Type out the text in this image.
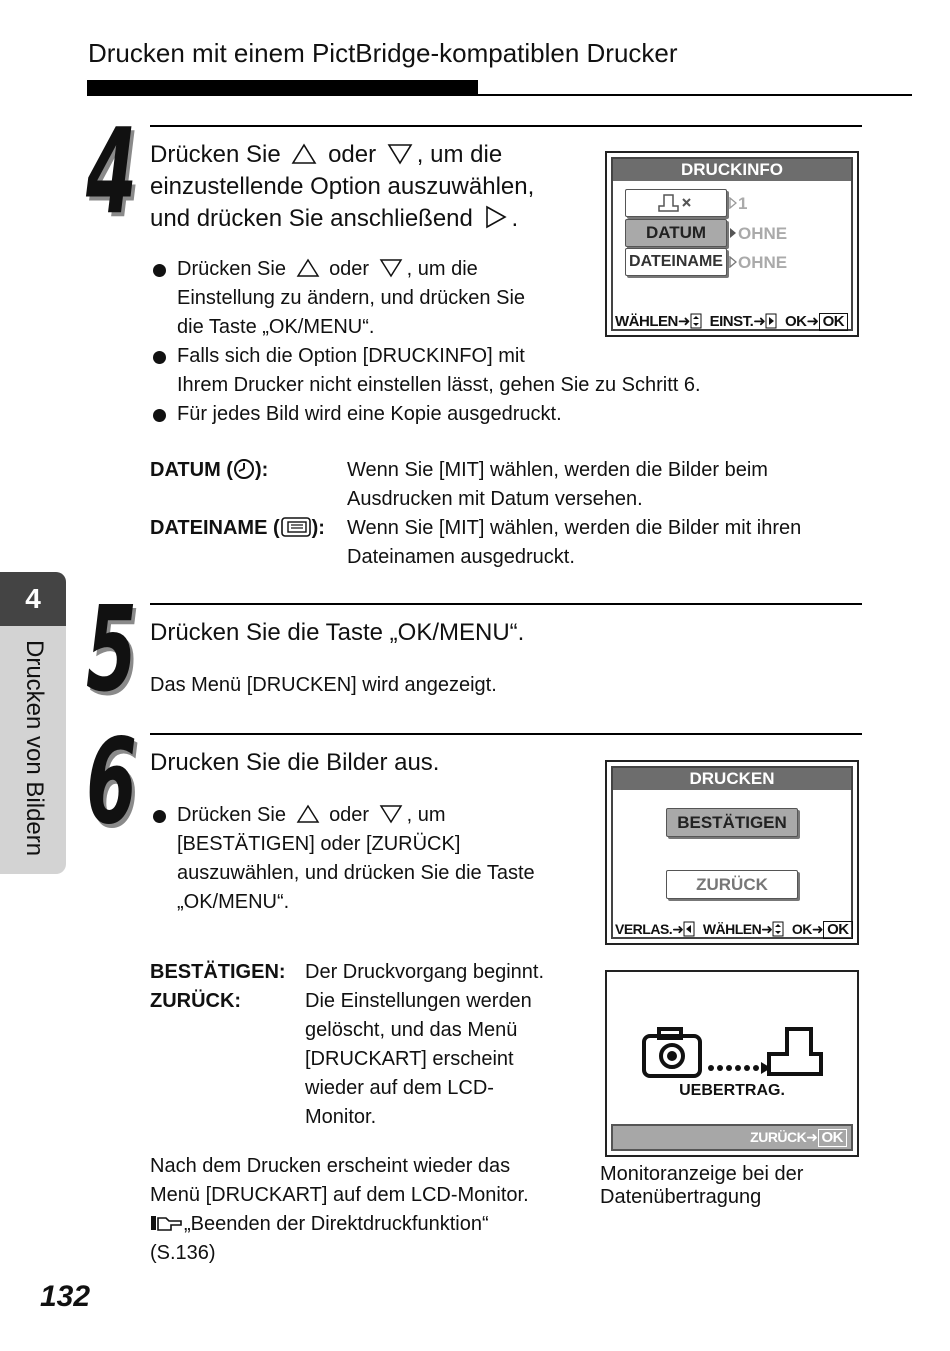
Drucken mit einem PictBridge-kompatiblen Drucker
4
Drucken von Bildern
4 Drücken Sie oder , um die
einzustellende Option auszuwählen,
und drücken Sie anschließend .
Drücken Sie oder , um die
Einstellung zu ändern, und drücken Sie
die Taste „OK/MENU“.
Falls sich die Option [DRUCKINFO] mit
Ihrem Drucker nicht einstellen lässt, gehen Sie zu Schritt 6.
Für jedes Bild wird eine Kopie ausgedruckt.
DATUM ( ):	Wenn Sie [MIT] wählen, werden die Bilder beim
Ausdrucken mit Datum versehen.
DATEINAME ( ): Wenn Sie [MIT] wählen, werden die Bilder mit ihren
Dateinamen ausgedruckt.
DRUCKINFO
1
DATUM	OHNE
DATEINAME OHNE
WÄHLEN➜ EINST.➜ OK➜ OK
5 Drücken Sie die Taste „OK/MENU“.
Das Menü [DRUCKEN] wird angezeigt.
6 Drucken Sie die Bilder aus.
Drücken Sie oder , um
[BESTÄTIGEN] oder [ZURÜCK]
auszuwählen, und drücken Sie die Taste
„OK/MENU“.
BESTÄTIGEN: Der Druckvorgang beginnt.
ZURÜCK:	Die Einstellungen werden
gelöscht, und das Menü
[DRUCKART] erscheint
wieder auf dem LCD-
Monitor.
Nach dem Drucken erscheint wieder das
Menü [DRUCKART] auf dem LCD-Monitor.
„Beenden der Direktdruckfunktion“
(S.136)
DRUCKEN
BESTÄTIGEN
ZURÜCK
VERLAS.➜ WÄHLEN➜ OK➜ OK
UEBERTRAG.
ZURÜCK➜ OK
Monitoranzeige bei der
Datenübertragung
132
